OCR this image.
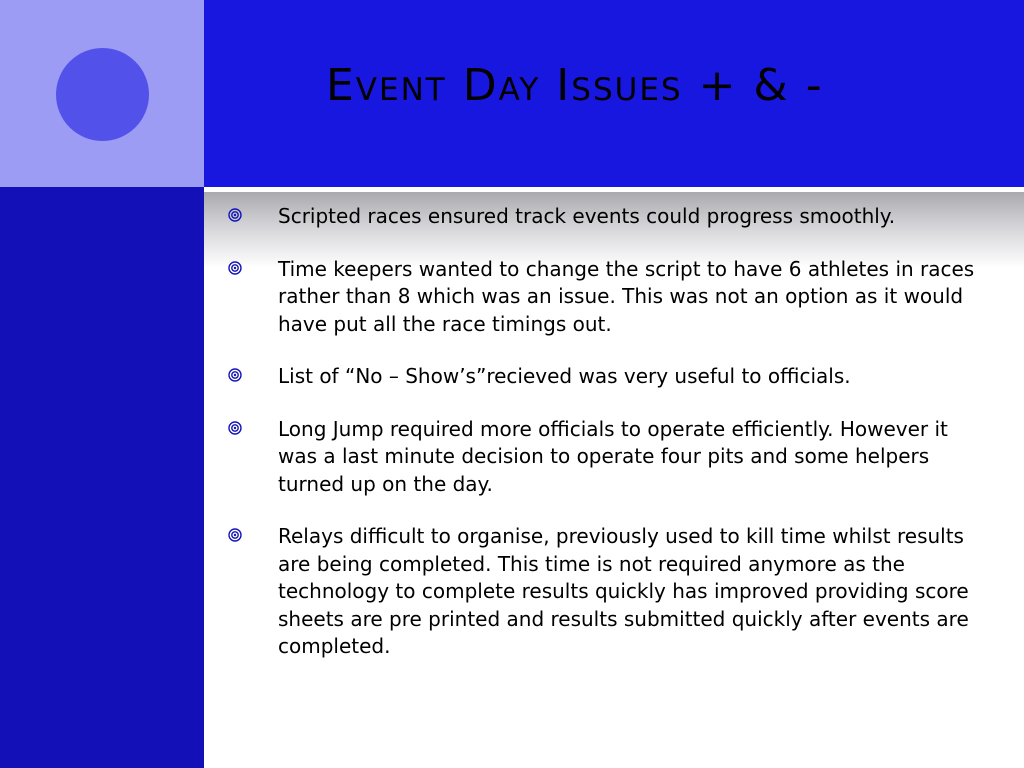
Event Day Issues + & -
Scripted races ensured track events could progress smoothly.
Time keepers wanted to change the script to have 6 athletes in races rather than 8 which was an issue. This was not an option as it would have put all the race timings out.
List of “No – Show’s”recieved was very useful to officials.
Long Jump required more officials to operate efficiently. However it was a last minute decision to operate four pits and some helpers turned up on the day.
Relays difficult to organise, previously used to kill time whilst results are being completed. This time is not required anymore as the technology to complete results quickly has improved providing score sheets are pre printed and results submitted quickly after events are completed.
